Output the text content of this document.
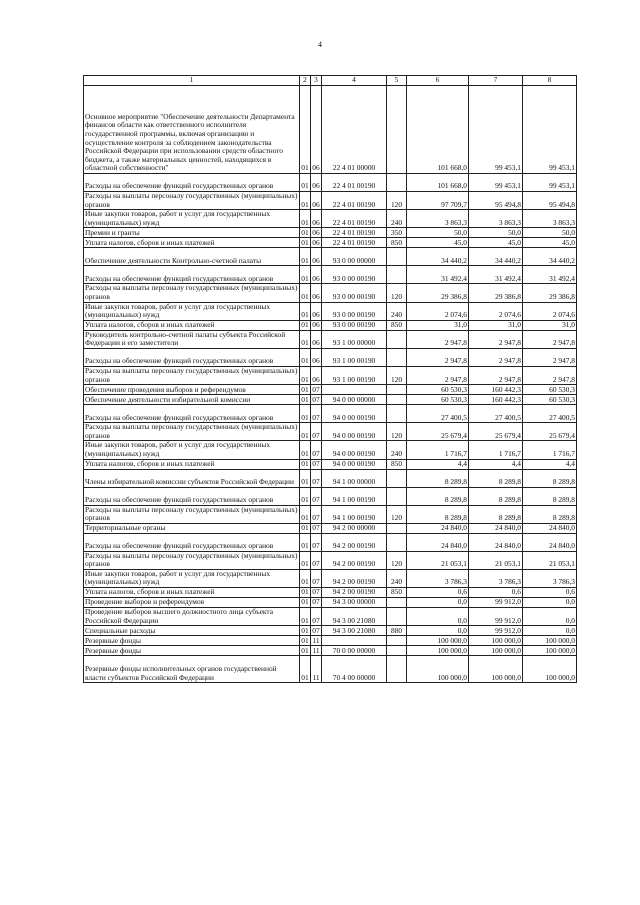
4
1	2	3	4	5	6	7	8
Основное мероприятие "Обеспечение деятельности Департамента финансов области как ответственного исполнителя государственной программы, включая организацию и осуществление контроля за соблюдением законодательства Российской Федерации при использовании средств областного бюджета, а также материальных ценностей, находящихся в областной собственности"	01	06	22 4 01 00000		101 668,0	99 453,1	99 453,1
Расходы на обеспечение функций государственных органов	01	06	22 4 01 00190		101 668,0	99 453,1	99 453,1
Расходы на выплаты персоналу государственных (муниципальных) органов	01	06	22 4 01 00190	120	97 709,7	95 494,8	95 494,8
Иные закупки товаров, работ и услуг для государственных (муниципальных) нужд	01	06	22 4 01 00190	240	3 863,3	3 863,3	3 863,3
Премии и гранты	01	06	22 4 01 00190	350	50,0	50,0	50,0
Уплата налогов, сборов и иных платежей	01	06	22 4 01 00190	850	45,0	45,0	45,0
Обеспечение деятельности Контрольно-счетной палаты	01	06	93 0 00 00000		34 440,2	34 440,2	34 440,2
Расходы на обеспечение функций государственных органов	01	06	93 0 00 00190		31 492,4	31 492,4	31 492,4
Расходы на выплаты персоналу государственных (муниципальных) органов	01	06	93 0 00 00190	120	29 386,8	29 386,8	29 386,8
Иные закупки товаров, работ и услуг для государственных (муниципальных) нужд	01	06	93 0 00 00190	240	2 074,6	2 074,6	2 074,6
Уплата налогов, сборов и иных платежей	01	06	93 0 00 00190	850	31,0	31,0	31,0
Руководитель контрольно-счетной палаты субъекта Российской Федерации и его заместители	01	06	93 1 00 00000		2 947,8	2 947,8	2 947,8
Расходы на обеспечение функций государственных органов	01	06	93 1 00 00190		2 947,8	2 947,8	2 947,8
Расходы на выплаты персоналу государственных (муниципальных) органов	01	06	93 1 00 00190	120	2 947,8	2 947,8	2 947,8
Обеспечение проведения выборов и референдумов	01	07			60 530,3	160 442,3	60 530,3
Обеспечение деятельности избирательной комиссии	01	07	94 0 00 00000		60 530,3	160 442,3	60 530,3
Расходы на обеспечение функций государственных органов	01	07	94 0 00 00190		27 400,5	27 400,5	27 400,5
Расходы на выплаты персоналу государственных (муниципальных) органов	01	07	94 0 00 00190	120	25 679,4	25 679,4	25 679,4
Иные закупки товаров, работ и услуг для государственных (муниципальных) нужд	01	07	94 0 00 00190	240	1 716,7	1 716,7	1 716,7
Уплата налогов, сборов и иных платежей	01	07	94 0 00 00190	850	4,4	4,4	4,4
Члены избирательной комиссии субъектов Российской Федерации	01	07	94 1 00 00000		8 289,8	8 289,8	8 289,8
Расходы на обеспечение функций государственных органов	01	07	94 1 00 00190		8 289,8	8 289,8	8 289,8
Расходы на выплаты персоналу государственных (муниципальных) органов	01	07	94 1 00 00190	120	8 289,8	8 289,8	8 289,8
Территориальные органы	01	07	94 2 00 00000		24 840,0	24 840,0	24 840,0
Расходы на обеспечение функций государственных органов	01	07	94 2 00 00190		24 840,0	24 840,0	24 840,0
Расходы на выплаты персоналу государственных (муниципальных) органов	01	07	94 2 00 00190	120	21 053,1	21 053,1	21 053,1
Иные закупки товаров, работ и услуг для государственных (муниципальных) нужд	01	07	94 2 00 00190	240	3 786,3	3 786,3	3 786,3
Уплата налогов, сборов и иных платежей	01	07	94 2 00 00190	850	0,6	0,6	0,6
Проведение выборов и референдумов	01	07	94 3 00 00000		0,0	99 912,0	0,0
Проведение выборов высшего должностного лица субъекта Российской Федерации	01	07	94 3 00 21080		0,0	99 912,0	0,0
Специальные расходы	01	07	94 3 00 21080	880	0,0	99 912,0	0,0
Резервные фонды	01	11			100 000,0	100 000,0	100 000,0
Резервные фонды	01	11	70 0 00 00000		100 000,0	100 000,0	100 000,0
Резервные фонды исполнительных органов государственной власти субъектов Российской Федерации	01	11	70 4 00 00000		100 000,0	100 000,0	100 000,0
